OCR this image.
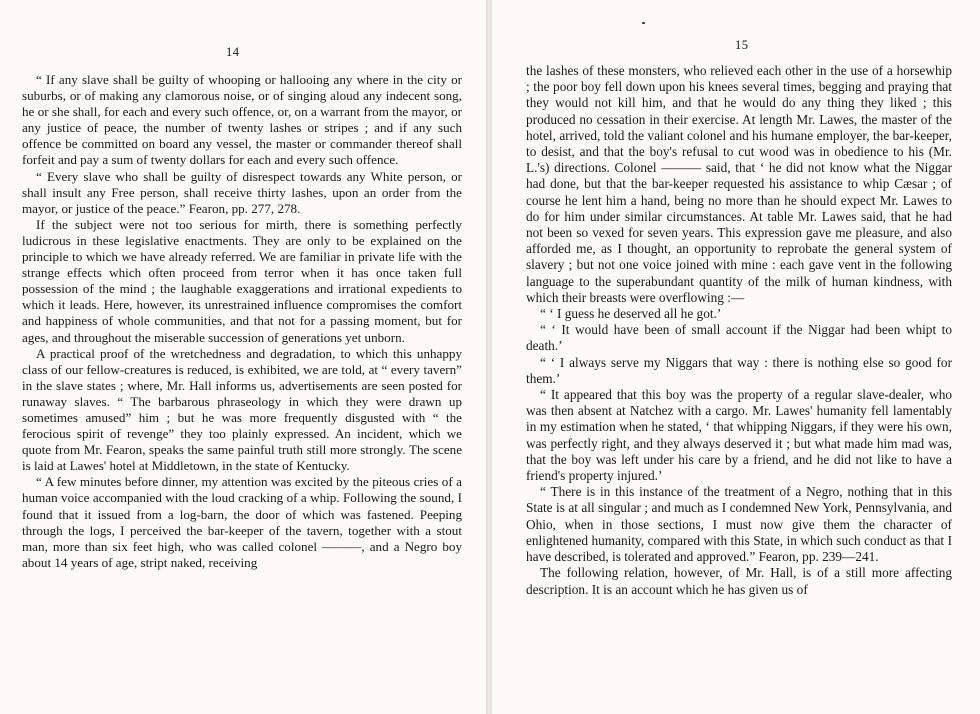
14

“ If any slave shall be guilty of whooping or hallooing any where in the city or suburbs, or of making any clamorous noise, or of singing aloud any indecent song, he or she shall, for each and every such offence, or, on a warrant from the mayor, or any justice of peace, the number of twenty lashes or stripes ; and if any such offence be committed on board any vessel, the master or commander thereof shall forfeit and pay a sum of twenty dollars for each and every such offence.

“ Every slave who shall be guilty of disrespect towards any White person, or shall insult any Free person, shall receive thirty lashes, upon an order from the mayor, or justice of the peace.” Fearon, pp. 277, 278.

If the subject were not too serious for mirth, there is something perfectly ludicrous in these legislative enactments. They are only to be explained on the principle to which we have already referred. We are familiar in private life with the strange effects which often proceed from terror when it has once taken full possession of the mind ; the laughable exaggerations and irrational expedients to which it leads. Here, however, its unrestrained influence compromises the comfort and happiness of whole communities, and that not for a passing moment, but for ages, and throughout the miserable succession of generations yet unborn.

A practical proof of the wretchedness and degradation, to which this unhappy class of our fellow-creatures is reduced, is exhibited, we are told, at “ every tavern” in the slave states ; where, Mr. Hall informs us, advertisements are seen posted for runaway slaves. “ The barbarous phraseology in which they were drawn up sometimes amused” him ; but he was more frequently disgusted with “ the ferocious spirit of revenge” they too plainly expressed. An incident, which we quote from Mr. Fearon, speaks the same painful truth still more strongly. The scene is laid at Lawes' hotel at Middletown, in the state of Kentucky.

“ A few minutes before dinner, my attention was excited by the piteous cries of a human voice accompanied with the loud cracking of a whip. Following the sound, I found that it issued from a log-barn, the door of which was fastened. Peeping through the logs, I perceived the bar-keeper of the tavern, together with a stout man, more than six feet high, who was called colonel ———, and a Negro boy about 14 years of age, stript naked, receiving

15

the lashes of these monsters, who relieved each other in the use of a horsewhip ; the poor boy fell down upon his knees several times, begging and praying that they would not kill him, and that he would do any thing they liked ; this produced no cessation in their exercise. At length Mr. Lawes, the master of the hotel, arrived, told the valiant colonel and his humane employer, the bar-keeper, to desist, and that the boy's refusal to cut wood was in obedience to his (Mr. L.'s) directions. Colonel ——— said, that ‘ he did not know what the Niggar had done, but that the bar-keeper requested his assistance to whip Cæsar ; of course he lent him a hand, being no more than he should expect Mr. Lawes to do for him under similar circumstances. At table Mr. Lawes said, that he had not been so vexed for seven years. This expression gave me pleasure, and also afforded me, as I thought, an opportunity to reprobate the general system of slavery ; but not one voice joined with mine : each gave vent in the following language to the superabundant quantity of the milk of human kindness, with which their breasts were overflowing :—

“ ‘ I guess he deserved all he got.’

“ ‘ It would have been of small account if the Niggar had been whipt to death.’

“ ‘ I always serve my Niggars that way : there is nothing else so good for them.’

“ It appeared that this boy was the property of a regular slave-dealer, who was then absent at Natchez with a cargo. Mr. Lawes' humanity fell lamentably in my estimation when he stated, ‘ that whipping Niggars, if they were his own, was perfectly right, and they always deserved it ; but what made him mad was, that the boy was left under his care by a friend, and he did not like to have a friend's property injured.’

“ There is in this instance of the treatment of a Negro, nothing that in this State is at all singular ; and much as I condemned New York, Pennsylvania, and Ohio, when in those sections, I must now give them the character of enlightened humanity, compared with this State, in which such conduct as that I have described, is tolerated and approved.” Fearon, pp. 239—241.

The following relation, however, of Mr. Hall, is of a still more affecting description. It is an account which he has given us of
